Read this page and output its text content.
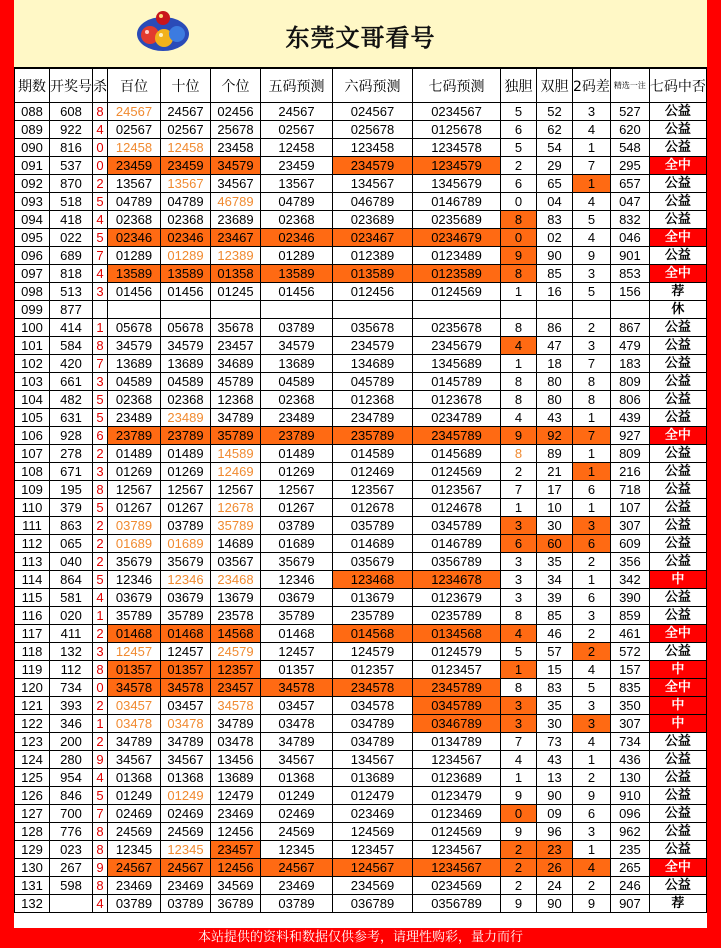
东莞文哥看号
期数	开奖号	杀	百位	十位	个位	五码预测	六码预测	七码预测	独胆	双胆	2码差	精选一注	七码中否
088	608	8	24567	24567	02456	24567	024567	0234567	5	52	3	527	公益
089	922	4	02567	02567	25678	02567	025678	0125678	6	62	4	620	公益
090	816	0	12458	12458	23458	12458	123458	1234578	5	54	1	548	公益
091	537	0	23459	23459	34579	23459	234579	1234579	2	29	7	295	全中
092	870	2	13567	13567	34567	13567	134567	1345679	6	65	1	657	公益
093	518	5	04789	04789	46789	04789	046789	0146789	0	04	4	047	公益
094	418	4	02368	02368	23689	02368	023689	0235689	8	83	5	832	公益
095	022	5	02346	02346	23467	02346	023467	0234679	0	02	4	046	全中
096	689	7	01289	01289	12389	01289	012389	0123489	9	90	9	901	公益
097	818	4	13589	13589	01358	13589	013589	0123589	8	85	3	853	全中
098	513	3	01456	01456	01245	01456	012456	0124569	1	16	5	156	荐
099	877												休
100	414	1	05678	05678	35678	03789	035678	0235678	8	86	2	867	公益
101	584	8	34579	34579	23457	34579	234579	2345679	4	47	3	479	公益
102	420	7	13689	13689	34689	13689	134689	1345689	1	18	7	183	公益
103	661	3	04589	04589	45789	04589	045789	0145789	8	80	8	809	公益
104	482	5	02368	02368	12368	02368	012368	0123678	8	80	8	806	公益
105	631	5	23489	23489	34789	23489	234789	0234789	4	43	1	439	公益
106	928	6	23789	23789	35789	23789	235789	2345789	9	92	7	927	全中
107	278	2	01489	01489	14589	01489	014589	0145689	8	89	1	809	公益
108	671	3	01269	01269	12469	01269	012469	0124569	2	21	1	216	公益
109	195	8	12567	12567	12567	12567	123567	0123567	7	17	6	718	公益
110	379	5	01267	01267	12678	01267	012678	0124678	1	10	1	107	公益
111	863	2	03789	03789	35789	03789	035789	0345789	3	30	3	307	公益
112	065	2	01689	01689	14689	01689	014689	0146789	6	60	6	609	公益
113	040	2	35679	35679	03567	35679	035679	0356789	3	35	2	356	公益
114	864	5	12346	12346	23468	12346	123468	1234678	3	34	1	342	中
115	581	4	03679	03679	13679	03679	013679	0123679	3	39	6	390	公益
116	020	1	35789	35789	23578	35789	235789	0235789	8	85	3	859	公益
117	411	2	01468	01468	14568	01468	014568	0134568	4	46	2	461	全中
118	132	3	12457	12457	24579	12457	124579	0124579	5	57	2	572	公益
119	112	8	01357	01357	12357	01357	012357	0123457	1	15	4	157	中
120	734	0	34578	34578	23457	34578	234578	2345789	8	83	5	835	全中
121	393	2	03457	03457	34578	03457	034578	0345789	3	35	3	350	中
122	346	1	03478	03478	34789	03478	034789	0346789	3	30	3	307	中
123	200	2	34789	34789	03478	34789	034789	0134789	7	73	4	734	公益
124	280	9	34567	34567	13456	34567	134567	1234567	4	43	1	436	公益
125	954	4	01368	01368	13689	01368	013689	0123689	1	13	2	130	公益
126	846	5	01249	01249	12479	01249	012479	0123479	9	90	9	910	公益
127	700	7	02469	02469	23469	02469	023469	0123469	0	09	6	096	公益
128	776	8	24569	24569	12456	24569	124569	0124569	9	96	3	962	公益
129	023	8	12345	12345	23457	12345	123457	1234567	2	23	1	235	公益
130	267	9	24567	24567	12456	24567	124567	1234567	2	26	4	265	全中
131	598	8	23469	23469	34569	23469	234569	0234569	2	24	2	246	公益
132		4	03789	03789	36789	03789	036789	0356789	9	90	9	907	荐
本站提供的资料和数据仅供参考，请理性购彩，量力而行
